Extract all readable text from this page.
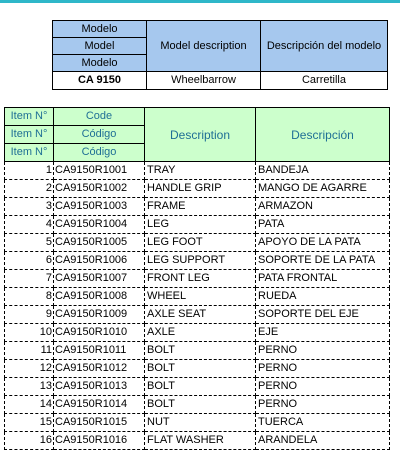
Modelo	Model description	Descripción del modelo
Model		
Modelo		
CA 9150	Wheelbarrow	Carretilla
Item N°	Code	Description	Descripción
Item N°	Código		
Item N°	Código		
1	CA9150R1001	TRAY	BANDEJA
2	CA9150R1002	HANDLE GRIP	MANGO DE AGARRE
3	CA9150R1003	FRAME	ARMAZON
4	CA9150R1004	LEG	PATA
5	CA9150R1005	LEG FOOT	APOYO DE LA PATA
6	CA9150R1006	LEG SUPPORT	SOPORTE DE LA PATA
7	CA9150R1007	FRONT LEG	PATA FRONTAL
8	CA9150R1008	WHEEL	RUEDA
9	CA9150R1009	AXLE SEAT	SOPORTE DEL EJE
10	CA9150R1010	AXLE	EJE
11	CA9150R1011	BOLT	PERNO
12	CA9150R1012	BOLT	PERNO
13	CA9150R1013	BOLT	PERNO
14	CA9150R1014	BOLT	PERNO
15	CA9150R1015	NUT	TUERCA
16	CA9150R1016	FLAT WASHER	ARANDELA
